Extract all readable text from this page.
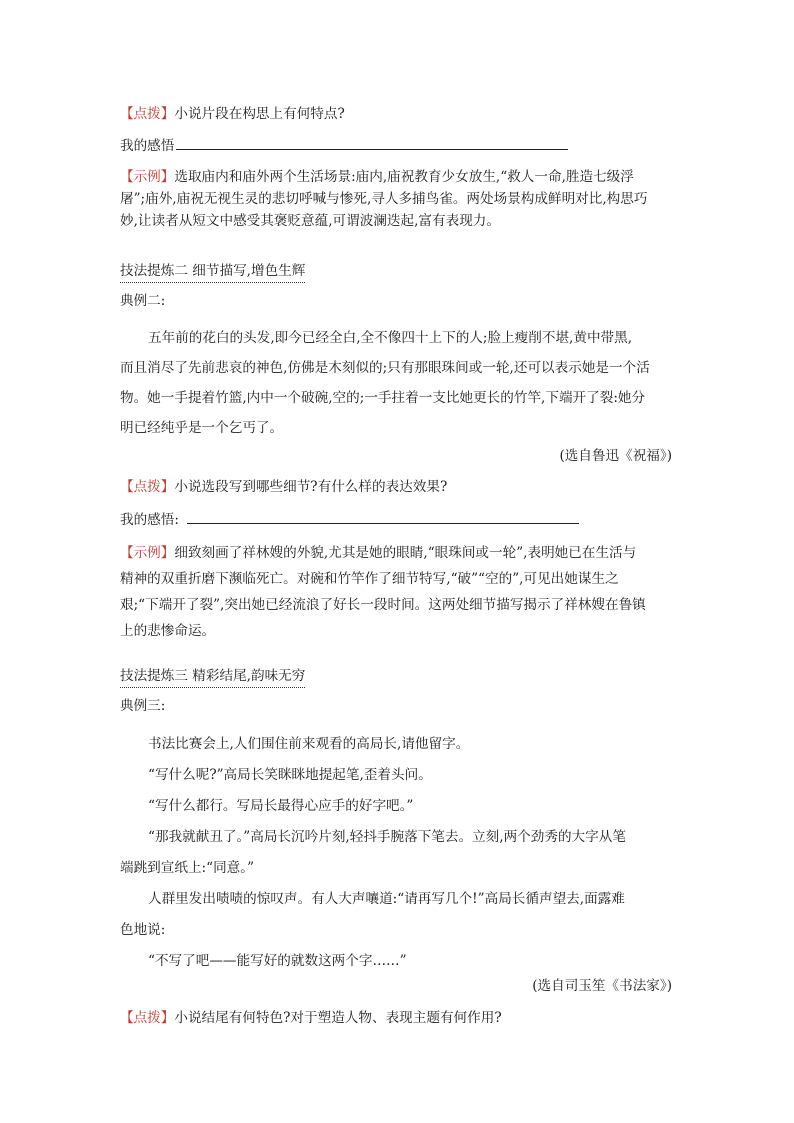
【点拨】小说片段在构思上有何特点?
我的感悟
【示例】选取庙内和庙外两个生活场景:庙内,庙祝教育少女放生,“救人一命,胜造七级浮
屠”;庙外,庙祝无视生灵的悲切呼喊与惨死,寻人多捕鸟雀。两处场景构成鲜明对比,构思巧
妙,让读者从短文中感受其褒贬意蕴,可谓波澜迭起,富有表现力。
技法提炼二 细节描写,增色生辉
典例二:
五年前的花白的头发,即今已经全白,全不像四十上下的人;脸上瘦削不堪,黄中带黑,
而且消尽了先前悲哀的神色,仿佛是木刻似的;只有那眼珠间或一轮,还可以表示她是一个活
物。她一手提着竹篮,内中一个破碗,空的;一手拄着一支比她更长的竹竿,下端开了裂:她分
明已经纯乎是一个乞丐了。
(选自鲁迅《祝福》)
【点拨】小说选段写到哪些细节?有什么样的表达效果?
我的感悟:
【示例】细致刻画了祥林嫂的外貌,尤其是她的眼睛,“眼珠间或一轮”,表明她已在生活与
精神的双重折磨下濒临死亡。对碗和竹竿作了细节特写,“破”“空的”,可见出她谋生之
艰;“下端开了裂”,突出她已经流浪了好长一段时间。这两处细节描写揭示了祥林嫂在鲁镇
上的悲惨命运。
技法提炼三 精彩结尾,韵味无穷
典例三:
书法比赛会上,人们围住前来观看的高局长,请他留字。
“写什么呢?”高局长笑眯眯地提起笔,歪着头问。
“写什么都行。写局长最得心应手的好字吧。”
“那我就献丑了。”高局长沉吟片刻,轻抖手腕落下笔去。立刻,两个劲秀的大字从笔
端跳到宣纸上:“同意。”
人群里发出啧啧的惊叹声。有人大声嚷道:“请再写几个!”高局长循声望去,面露难
色地说:
“不写了吧——能写好的就数这两个字……”
(选自司玉笙《书法家》)
【点拨】小说结尾有何特色?对于塑造人物、表现主题有何作用?
